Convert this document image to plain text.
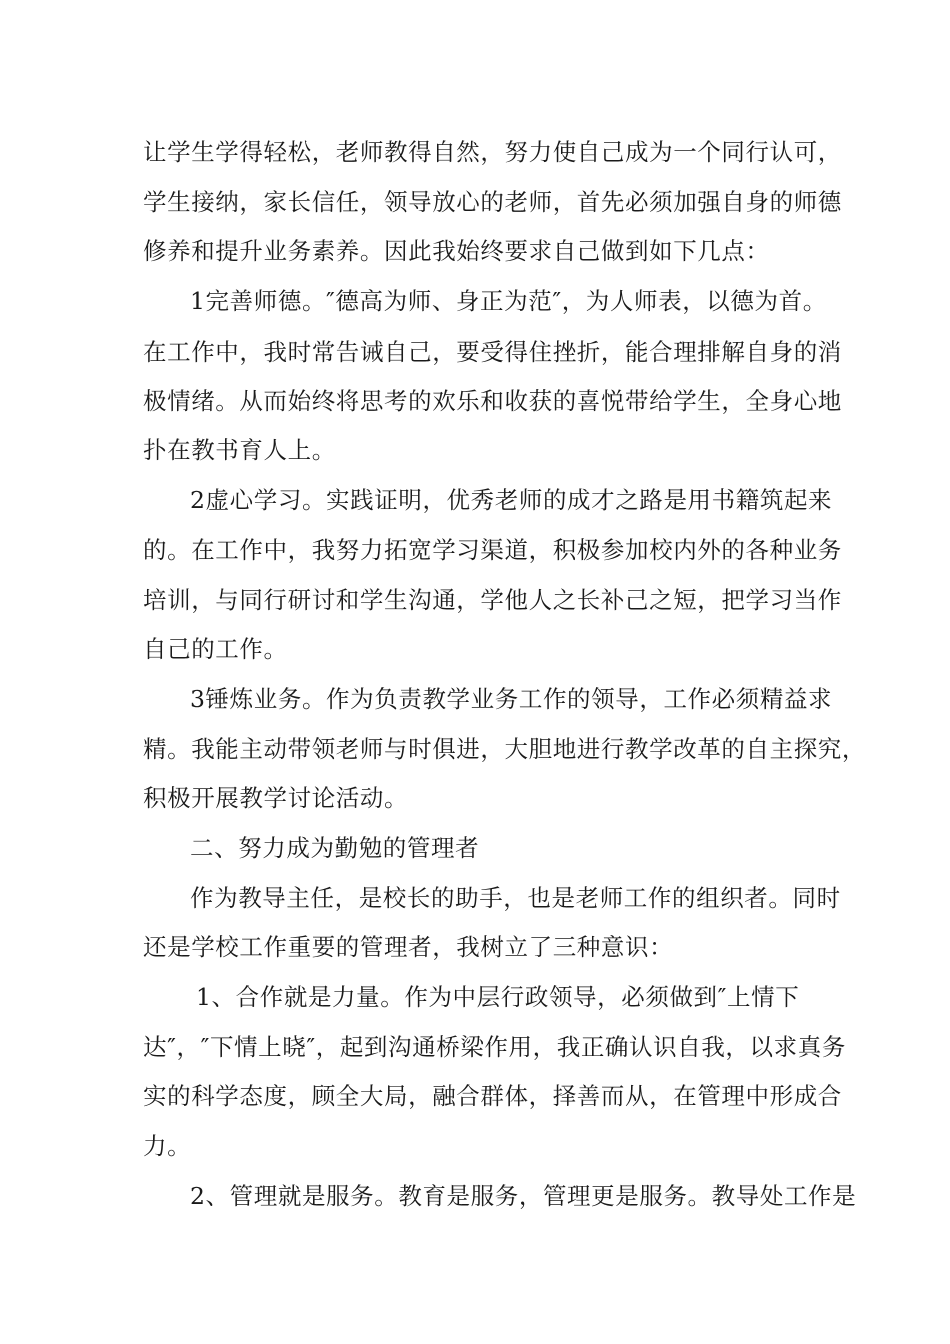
让学生学得轻松，老师教得自然，努力使自己成为一个同行认可，
学生接纳，家长信任，领导放心的老师，首先必须加强自身的师德
修养和提升业务素养。因此我始终要求自己做到如下几点：
1完善师德。″德高为师、身正为范″，为人师表，以德为首。
在工作中，我时常告诫自己，要受得住挫折，能合理排解自身的消
极情绪。从而始终将思考的欢乐和收获的喜悦带给学生，全身心地
扑在教书育人上。
2虚心学习。实践证明，优秀老师的成才之路是用书籍筑起来
的。在工作中，我努力拓宽学习渠道，积极参加校内外的各种业务
培训，与同行研讨和学生沟通，学他人之长补己之短，把学习当作
自己的工作。
3锤炼业务。作为负责教学业务工作的领导，工作必须精益求
精。我能主动带领老师与时俱进，大胆地进行教学改革的自主探究，
积极开展教学讨论活动。
二、努力成为勤勉的管理者
作为教导主任，是校长的助手，也是老师工作的组织者。同时
还是学校工作重要的管理者，我树立了三种意识：
1、合作就是力量。作为中层行政领导，必须做到″上情下
达″，″下情上晓″，起到沟通桥梁作用，我正确认识自我，以求真务
实的科学态度，顾全大局，融合群体，择善而从，在管理中形成合
力。
2、管理就是服务。教育是服务，管理更是服务。教导处工作是
